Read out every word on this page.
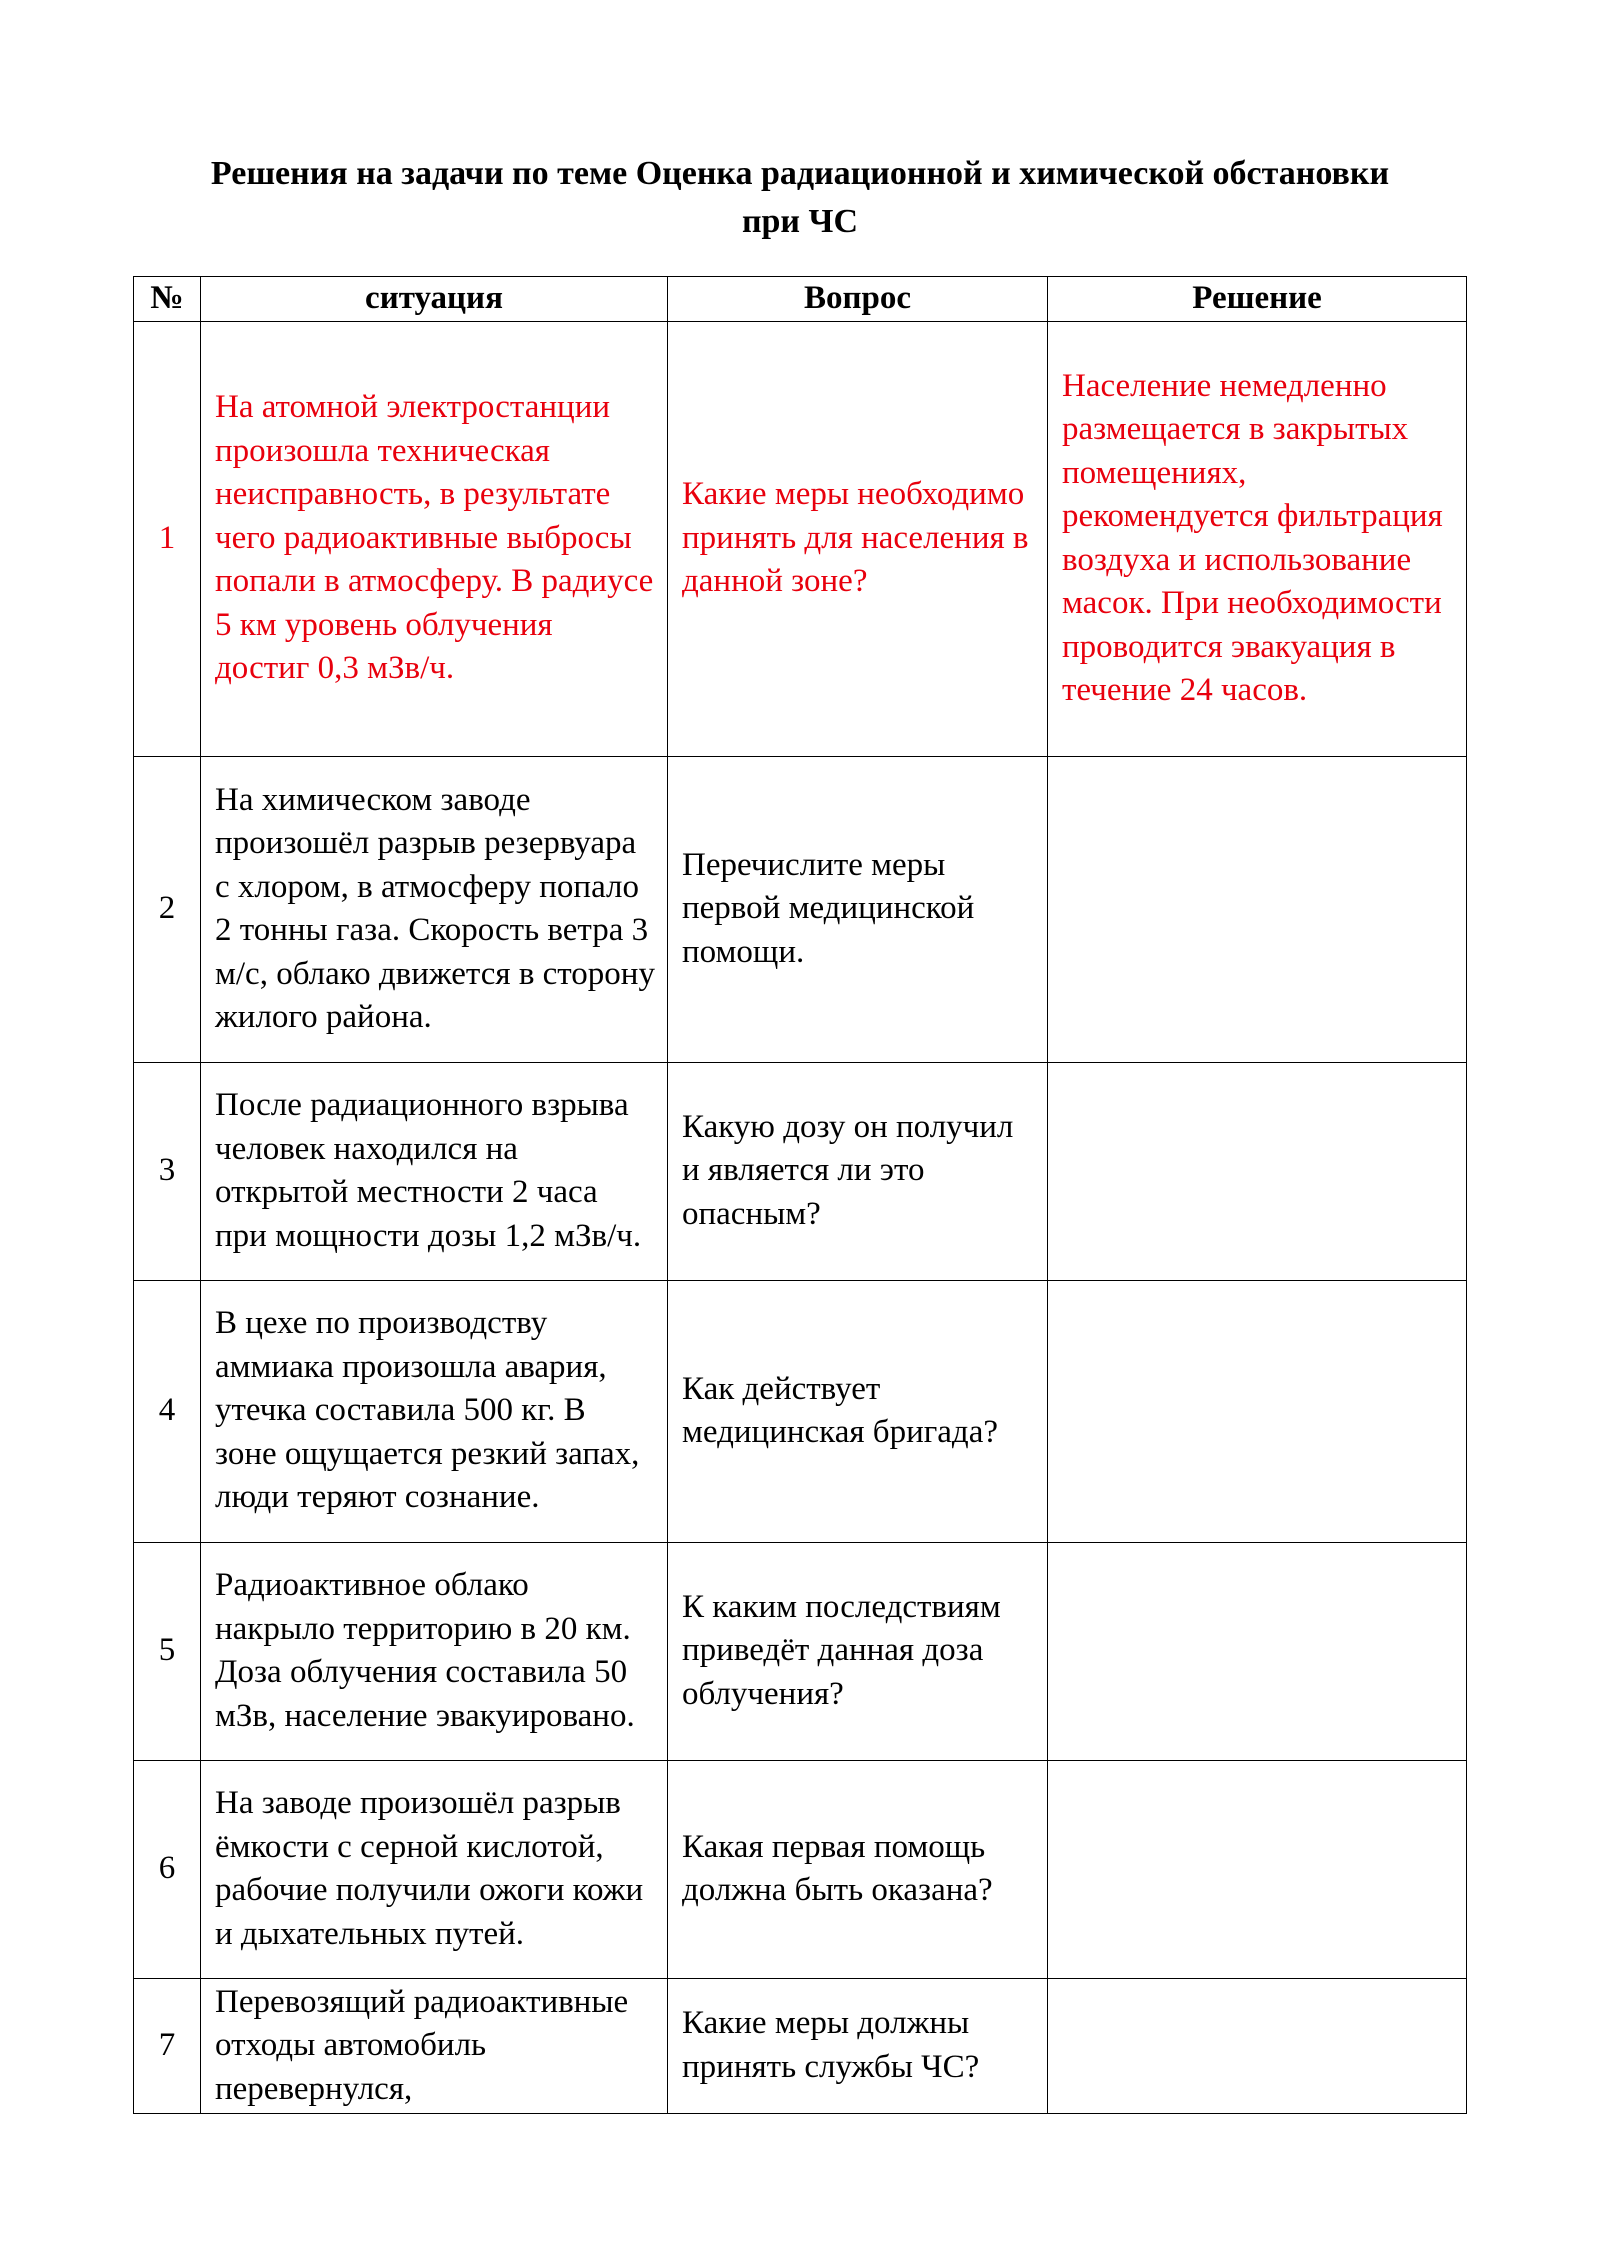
Решения на задачи по теме Оценка радиационной и химической обстановки
при ЧС
№	ситуация	Вопрос	Решение
1	На атомной электростанции произошла техническая неисправность, в результате чего радиоактивные выбросы попали в атмосферу. В радиусе 5 км уровень облучения достиг 0,3 мЗв/ч.	Какие меры необходимо принять для населения в данной зоне?	Население немедленно размещается в закрытых помещениях, рекомендуется фильтрация воздуха и использование масок. При необходимости проводится эвакуация в течение 24 часов.
2	На химическом заводе произошёл разрыв резервуара с хлором, в атмосферу попало 2 тонны газа. Скорость ветра 3 м/с, облако движется в сторону жилого района.	Перечислите меры первой медицинской помощи.	
3	После радиационного взрыва человек находился на открытой местности 2 часа при мощности дозы 1,2 мЗв/ч.	Какую дозу он получил и является ли это опасным?	
4	В цехе по производству аммиака произошла авария, утечка составила 500 кг. В зоне ощущается резкий запах, люди теряют сознание.	Как действует медицинская бригада?	
5	Радиоактивное облако накрыло территорию в 20 км. Доза облучения составила 50 мЗв, население эвакуировано.	К каким последствиям приведёт данная доза облучения?	
6	На заводе произошёл разрыв ёмкости с серной кислотой, рабочие получили ожоги кожи и дыхательных путей.	Какая первая помощь должна быть оказана?	
7	Перевозящий радиоактивные отходы автомобиль перевернулся,	Какие меры должны принять службы ЧС?	
